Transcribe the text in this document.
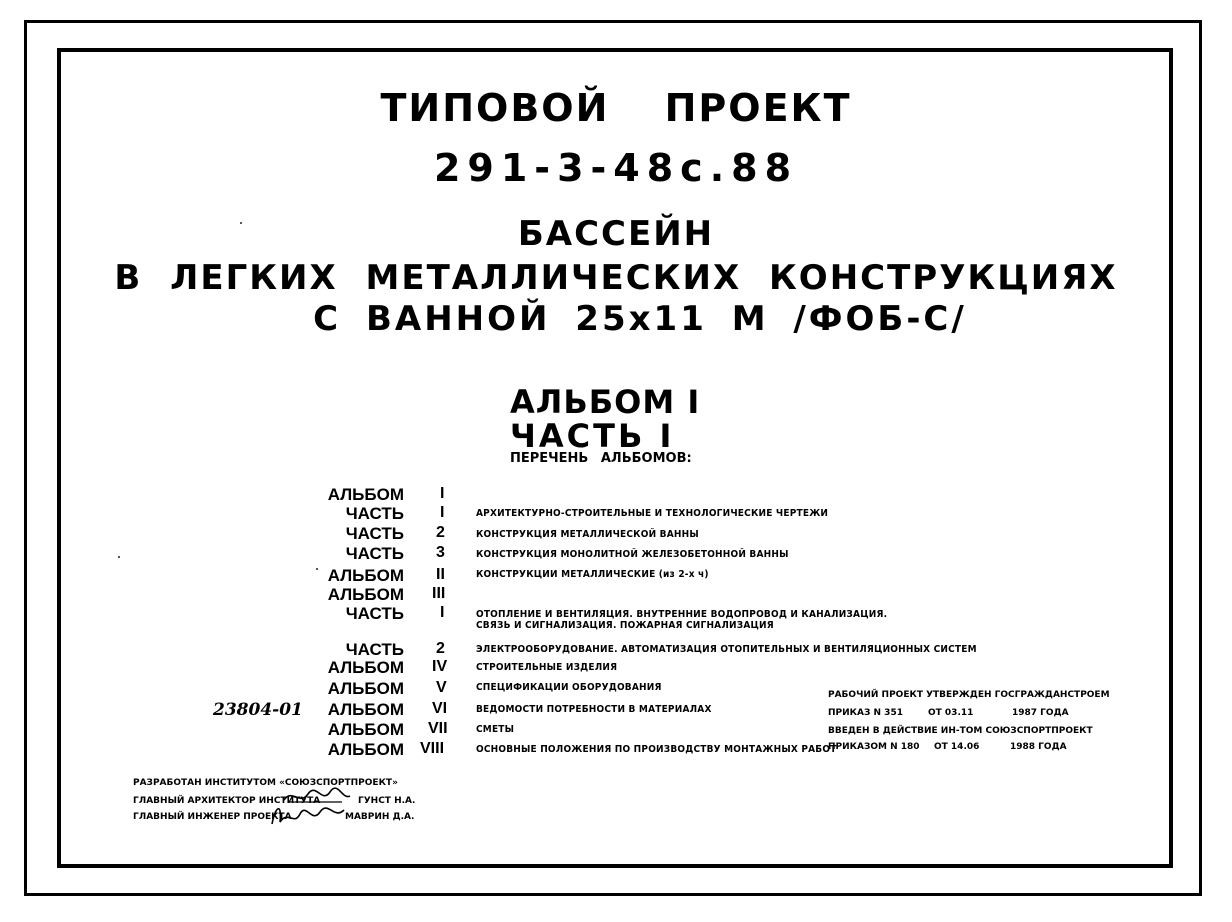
ТИПОВОЙ ПРОЕКТ
291-3-48с.88
БАССЕЙН
В ЛЕГКИХ МЕТАЛЛИЧЕСКИХ КОНСТРУКЦИЯХ
С ВАННОЙ 25х11 М /ФОБ-С/
АЛЬБОМ I
ЧАСТЬ I
ПЕРЕЧЕНЬ АЛЬБОМОВ:
АЛЬБОМ I
ЧАСТЬ I	АРХИТЕКТУРНО-СТРОИТЕЛЬНЫЕ И ТЕХНОЛОГИЧЕСКИЕ ЧЕРТЕЖИ
ЧАСТЬ 2	КОНСТРУКЦИЯ МЕТАЛЛИЧЕСКОЙ ВАННЫ
ЧАСТЬ 3	КОНСТРУКЦИЯ МОНОЛИТНОЙ ЖЕЛЕЗОБЕТОННОЙ ВАННЫ
АЛЬБОМ II	КОНСТРУКЦИИ МЕТАЛЛИЧЕСКИЕ (из 2-х ч)
АЛЬБОМ III
ЧАСТЬ I	ОТОПЛЕНИЕ И ВЕНТИЛЯЦИЯ. ВНУТРЕННИЕ ВОДОПРОВОД И КАНАЛИЗАЦИЯ.
СВЯЗЬ И СИГНАЛИЗАЦИЯ. ПОЖАРНАЯ СИГНАЛИЗАЦИЯ
ЧАСТЬ 2	ЭЛЕКТРООБОРУДОВАНИЕ. АВТОМАТИЗАЦИЯ ОТОПИТЕЛЬНЫХ И ВЕНТИЛЯЦИОННЫХ СИСТЕМ
АЛЬБОМ IV	СТРОИТЕЛЬНЫЕ ИЗДЕЛИЯ
АЛЬБОМ V	СПЕЦИФИКАЦИИ ОБОРУДОВАНИЯ
АЛЬБОМ VI	ВЕДОМОСТИ ПОТРЕБНОСТИ В МАТЕРИАЛАХ
АЛЬБОМ VII	СМЕТЫ
АЛЬБОМ VIII	ОСНОВНЫЕ ПОЛОЖЕНИЯ ПО ПРОИЗВОДСТВУ МОНТАЖНЫХ РАБОТ
23804-01
РАБОЧИЙ ПРОЕКТ УТВЕРЖДЕН ГОСГРАЖДАНСТРОЕМ
ПРИКАЗ N 351	ОТ 03.11	1987 ГОДА
ВВЕДЕН В ДЕЙСТВИЕ ИН-ТОМ СОЮЗСПОРТПРОЕКТ
ПРИКАЗОМ N 180 ОТ 14.06	1988 ГОДА
РАЗРАБОТАН ИНСТИТУТОМ «СОЮЗСПОРТПРОЕКТ»
ГЛАВНЫЙ АРХИТЕКТОР ИНСТИТУТА	ГУНСТ Н.А.
ГЛАВНЫЙ ИНЖЕНЕР ПРОЕКТА	МАВРИН Д.А.
